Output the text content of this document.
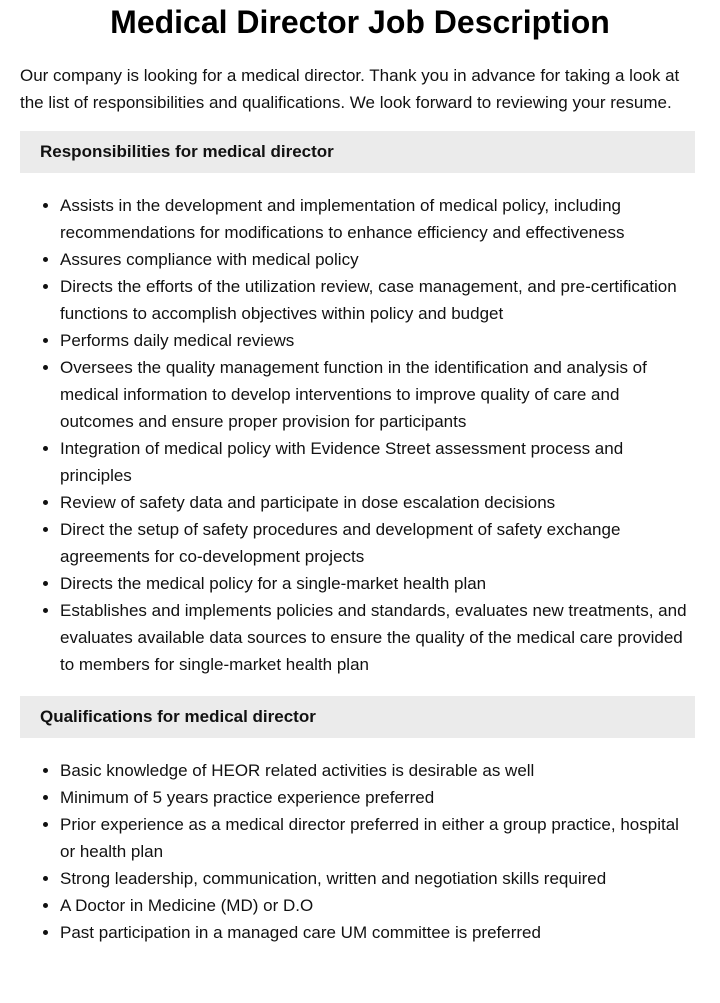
Medical Director Job Description

Our company is looking for a medical director. Thank you in advance for taking a look at the list of responsibilities and qualifications. We look forward to reviewing your resume.

Responsibilities for medical director
• Assists in the development and implementation of medical policy, including recommendations for modifications to enhance efficiency and effectiveness
• Assures compliance with medical policy
• Directs the efforts of the utilization review, case management, and pre-certification functions to accomplish objectives within policy and budget
• Performs daily medical reviews
• Oversees the quality management function in the identification and analysis of medical information to develop interventions to improve quality of care and outcomes and ensure proper provision for participants
• Integration of medical policy with Evidence Street assessment process and principles
• Review of safety data and participate in dose escalation decisions
• Direct the setup of safety procedures and development of safety exchange agreements for co-development projects
• Directs the medical policy for a single-market health plan
• Establishes and implements policies and standards, evaluates new treatments, and evaluates available data sources to ensure the quality of the medical care provided to members for single-market health plan
Qualifications for medical director
• Basic knowledge of HEOR related activities is desirable as well
• Minimum of 5 years practice experience preferred
• Prior experience as a medical director preferred in either a group practice, hospital or health plan
• Strong leadership, communication, written and negotiation skills required
• A Doctor in Medicine (MD) or D.O
• Past participation in a managed care UM committee is preferred
